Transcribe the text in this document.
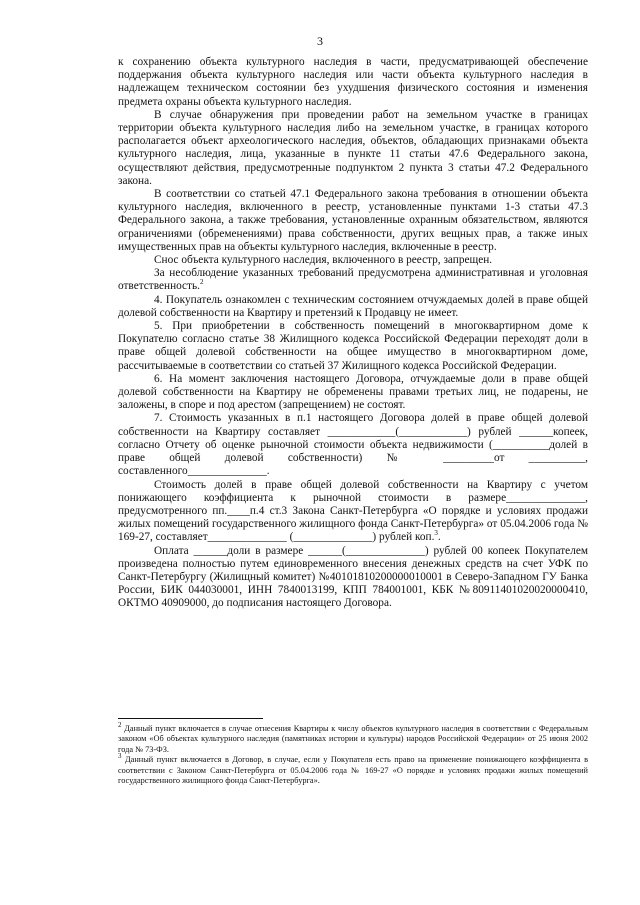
3

к сохранению объекта культурного наследия в части, предусматривающей обеспечение поддержания объекта культурного наследия или части объекта культурного наследия в надлежащем техническом состоянии без ухудшения физического состояния и изменения предмета охраны объекта культурного наследия.

В случае обнаружения при проведении работ на земельном участке в границах территории объекта культурного наследия либо на земельном участке, в границах которого располагается объект археологического наследия, объектов, обладающих признаками объекта культурного наследия, лица, указанные в пункте 11 статьи 47.6 Федерального закона, осуществляют действия, предусмотренные подпунктом 2 пункта 3 статьи 47.2 Федерального закона.

В соответствии со статьей 47.1 Федерального закона требования в отношении объекта культурного наследия, включенного в реестр, установленные пунктами 1-3 статьи 47.3 Федерального закона, а также требования, установленные охранным обязательством, являются ограничениями (обременениями) права собственности, других вещных прав, а также иных имущественных прав на объекты культурного наследия, включенные в реестр.

Снос объекта культурного наследия, включенного в реестр, запрещен.

За несоблюдение указанных требований предусмотрена административная и уголовная ответственность.$^2$

4. Покупатель ознакомлен с техническим состоянием отчуждаемых долей в праве общей долевой собственности на Квартиру и претензий к Продавцу не имеет.

5. При приобретении в собственность помещений в многоквартирном доме к Покупателю согласно статье 38 Жилищного кодекса Российской Федерации переходят доли в праве общей долевой собственности на общее имущество в многоквартирном доме, рассчитываемые в соответствии со статьей 37 Жилищного кодекса Российской Федерации.

6. На момент заключения настоящего Договора, отчуждаемые доли в праве общей долевой собственности на Квартиру не обременены правами третьих лиц, не подарены, не заложены, в споре и под арестом (запрещением) не состоят.

7. Стоимость указанных в п.1 настоящего Договора долей в праве общей долевой собственности на Квартиру составляет ____________(____________) рублей ______копеек, согласно Отчету об оценке рыночной стоимости объекта недвижимости (__________долей в праве общей долевой собственности) № _________от __________, составленного______________.

Стоимость долей в праве общей долевой собственности на Квартиру с учетом понижающего коэффициента к рыночной стоимости в размере______________, предусмотренного пп.____п.4 ст.3 Закона Санкт-Петербурга «О порядке и условиях продажи жилых помещений государственного жилищного фонда Санкт-Петербурга» от 05.04.2006 года № 169-27, составляет______________ (______________) рублей коп.$^3$.

Оплата ______доли в размере ______(______________) рублей 00 копеек Покупателем произведена полностью путем единовременного внесения денежных средств на счет УФК по Санкт-Петербургу (Жилищный комитет) №40101810200000010001 в Северо-Западном ГУ Банка России, БИК 044030001, ИНН 7840013199, КПП 784001001, КБК №80911401020020000410, ОКТМО 40909000, до подписания настоящего Договора.

$^2$ Данный пункт включается в случае отнесения Квартиры к числу объектов культурного наследия в соответствии с Федеральным законом «Об объектах культурного наследия (памятниках истории и культуры) народов Российской Федерации» от 25 июня 2002 года № 73-ФЗ.

$^3$ Данный пункт включается в Договор, в случае, если у Покупателя есть право на применение понижающего коэффициента в соответствии с Законом Санкт-Петербурга от 05.04.2006 года № 169-27 «О порядке и условиях продажи жилых помещений государственного жилищного фонда Санкт-Петербурга».
